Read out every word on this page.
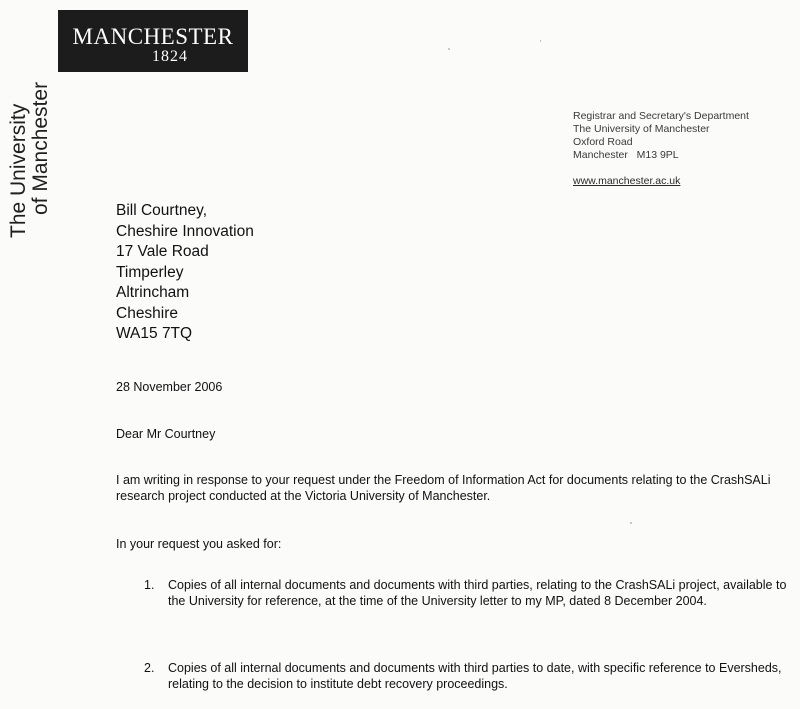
MANCHESTER
1824
The University of Manchester	Registrar and Secretary's Department
The University of Manchester
Oxford Road
Manchester   M13 9PL
www.manchester.ac.uk
Bill Courtney,
Cheshire Innovation
17 Vale Road
Timperley
Altrincham
Cheshire
WA15 7TQ
28 November 2006
Dear Mr Courtney
I am writing in response to your request under the Freedom of Information Act for documents relating to the CrashSALi research project conducted at the Victoria University of Manchester.
In your request you asked for:
1.	Copies of all internal documents and documents with third parties, relating to the CrashSALi project, available to the University for reference, at the time of the University letter to my MP, dated 8 December 2004.
2.	Copies of all internal documents and documents with third parties to date, with specific reference to Eversheds, relating to the decision to institute debt recovery proceedings.
